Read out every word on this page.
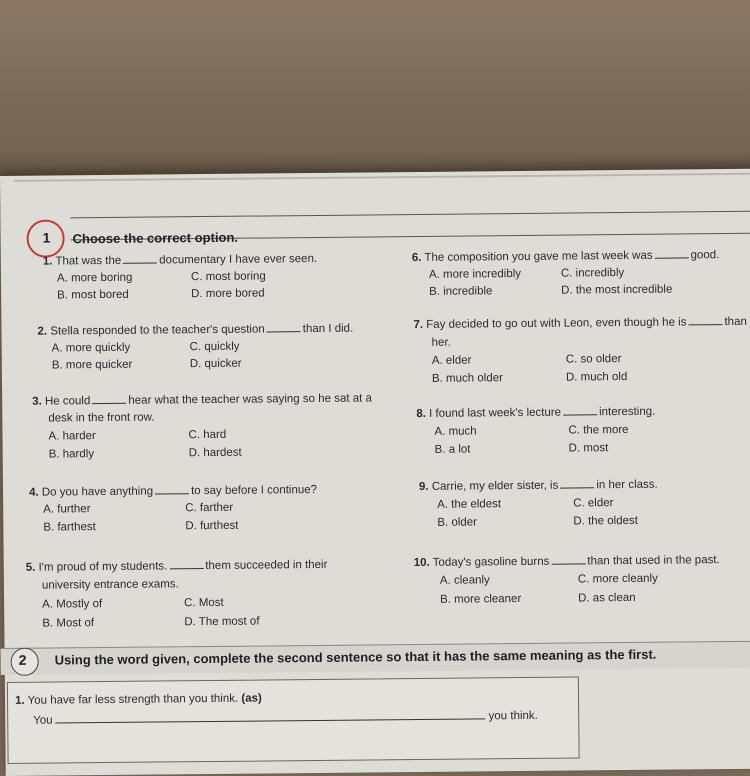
1 Choose the correct option.
1. That was the	documentary I have ever seen.
A. more boring	C. most boring
B. most bored	D. more bored
2. Stella responded to the teacher's question	than I did.
A. more quickly	C. quickly
B. more quicker	D. quicker
3. He could	hear what the teacher was saying so he sat at a
desk in the front row.
A. harder	C. hard
B. hardly	D. hardest
4. Do you have anything	to say before I continue?
A. further	C. farther
B. farthest	D. furthest
5. I'm proud of my students.	them succeeded in their
university entrance exams.
A. Mostly of	C. Most
B. Most of	D. The most of
6. The composition you gave me last week was	good.
A. more incredibly	C. incredibly
B. incredible	D. the most incredible
7. Fay decided to go out with Leon, even though he is	than
her.
A. elder	C. so older
B. much older	D. much old
8. I found last week's lecture	interesting.
A. much	C. the more
B. a lot	D. most
9. Carrie, my elder sister, is	in her class.
A. the eldest	C. elder
B. older	D. the oldest
10. Today's gasoline burns	than that used in the past.
A. cleanly	C. more cleanly
B. more cleaner	D. as clean
2 Using the word given, complete the second sentence so that it has the same meaning as the first.
1. You have far less strength than you think. (as)
You	you think.
